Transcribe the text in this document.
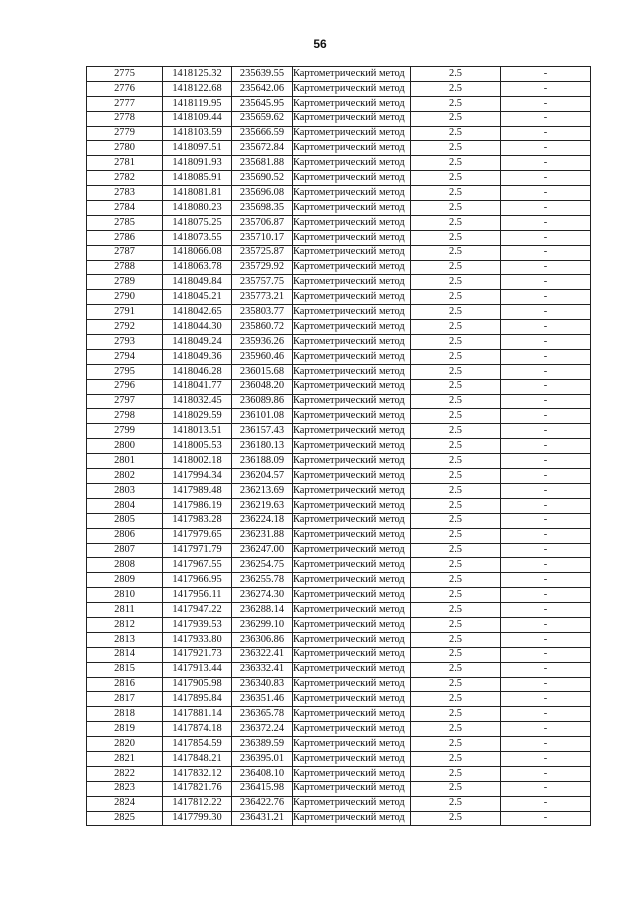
56
2775	1418125.32	235639.55	Картометрический метод	2.5	-
2776	1418122.68	235642.06	Картометрический метод	2.5	-
2777	1418119.95	235645.95	Картометрический метод	2.5	-
2778	1418109.44	235659.62	Картометрический метод	2.5	-
2779	1418103.59	235666.59	Картометрический метод	2.5	-
2780	1418097.51	235672.84	Картометрический метод	2.5	-
2781	1418091.93	235681.88	Картометрический метод	2.5	-
2782	1418085.91	235690.52	Картометрический метод	2.5	-
2783	1418081.81	235696.08	Картометрический метод	2.5	-
2784	1418080.23	235698.35	Картометрический метод	2.5	-
2785	1418075.25	235706.87	Картометрический метод	2.5	-
2786	1418073.55	235710.17	Картометрический метод	2.5	-
2787	1418066.08	235725.87	Картометрический метод	2.5	-
2788	1418063.78	235729.92	Картометрический метод	2.5	-
2789	1418049.84	235757.75	Картометрический метод	2.5	-
2790	1418045.21	235773.21	Картометрический метод	2.5	-
2791	1418042.65	235803.77	Картометрический метод	2.5	-
2792	1418044.30	235860.72	Картометрический метод	2.5	-
2793	1418049.24	235936.26	Картометрический метод	2.5	-
2794	1418049.36	235960.46	Картометрический метод	2.5	-
2795	1418046.28	236015.68	Картометрический метод	2.5	-
2796	1418041.77	236048.20	Картометрический метод	2.5	-
2797	1418032.45	236089.86	Картометрический метод	2.5	-
2798	1418029.59	236101.08	Картометрический метод	2.5	-
2799	1418013.51	236157.43	Картометрический метод	2.5	-
2800	1418005.53	236180.13	Картометрический метод	2.5	-
2801	1418002.18	236188.09	Картометрический метод	2.5	-
2802	1417994.34	236204.57	Картометрический метод	2.5	-
2803	1417989.48	236213.69	Картометрический метод	2.5	-
2804	1417986.19	236219.63	Картометрический метод	2.5	-
2805	1417983.28	236224.18	Картометрический метод	2.5	-
2806	1417979.65	236231.88	Картометрический метод	2.5	-
2807	1417971.79	236247.00	Картометрический метод	2.5	-
2808	1417967.55	236254.75	Картометрический метод	2.5	-
2809	1417966.95	236255.78	Картометрический метод	2.5	-
2810	1417956.11	236274.30	Картометрический метод	2.5	-
2811	1417947.22	236288.14	Картометрический метод	2.5	-
2812	1417939.53	236299.10	Картометрический метод	2.5	-
2813	1417933.80	236306.86	Картометрический метод	2.5	-
2814	1417921.73	236322.41	Картометрический метод	2.5	-
2815	1417913.44	236332.41	Картометрический метод	2.5	-
2816	1417905.98	236340.83	Картометрический метод	2.5	-
2817	1417895.84	236351.46	Картометрический метод	2.5	-
2818	1417881.14	236365.78	Картометрический метод	2.5	-
2819	1417874.18	236372.24	Картометрический метод	2.5	-
2820	1417854.59	236389.59	Картометрический метод	2.5	-
2821	1417848.21	236395.01	Картометрический метод	2.5	-
2822	1417832.12	236408.10	Картометрический метод	2.5	-
2823	1417821.76	236415.98	Картометрический метод	2.5	-
2824	1417812.22	236422.76	Картометрический метод	2.5	-
2825	1417799.30	236431.21	Картометрический метод	2.5	-
